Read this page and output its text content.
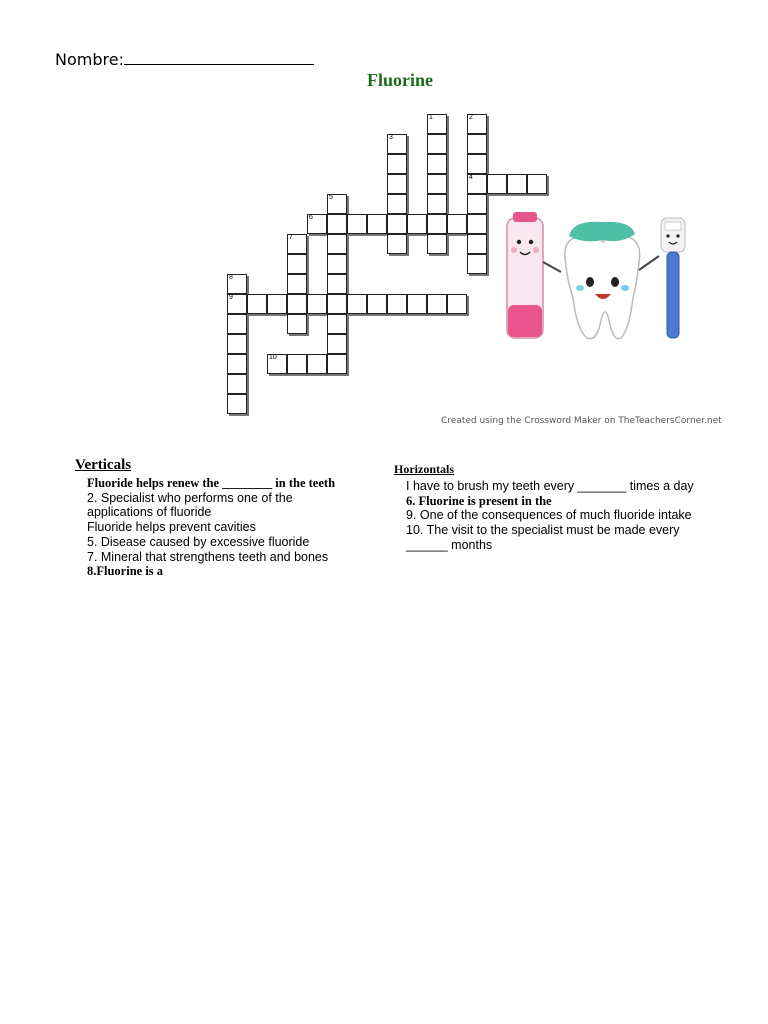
Nombre:
Fluorine
1	2
3
4
5
6
7
8
9
10
Created using the Crossword Maker on TheTeachersCorner.net
Verticals	Horizontals
Fluoride helps renew the ________ in the teeth
2. Specialist who performs one of the applications of fluoride
Fluoride helps prevent cavities
5. Disease caused by excessive fluoride
7. Mineral that strengthens teeth and bones
8.Fluorine is a
I have to brush my teeth every _______ times a day
6. Fluorine is present in the
9. One of the consequences of much fluoride intake
10. The visit to the specialist must be made every ______ months
